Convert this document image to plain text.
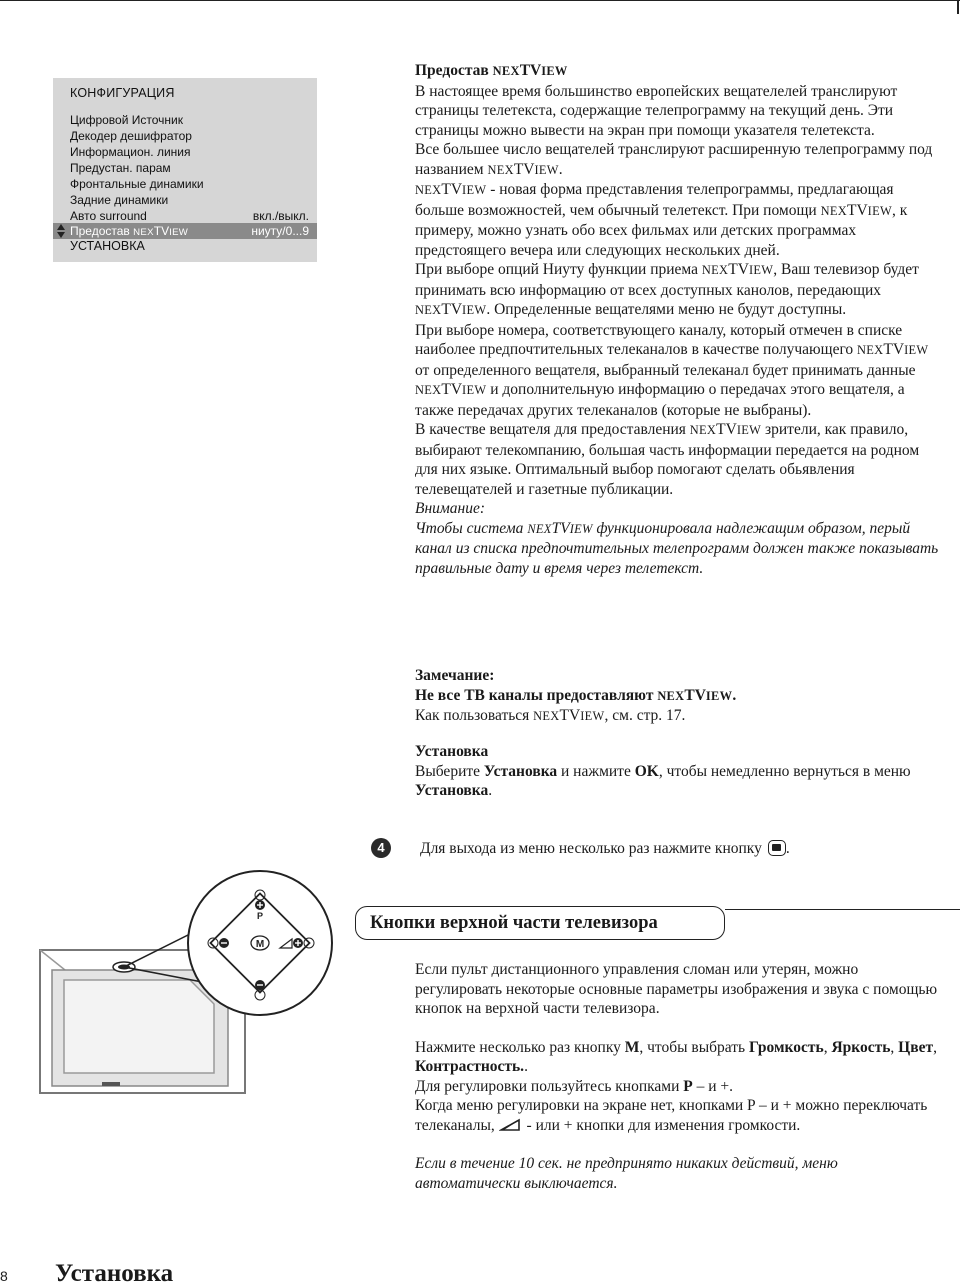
КОНФИГУРАЦИЯ
Цифровой Источник
Декодер дешифратор
Информацион. линия
Предустан. парам
Фронтальные динамики
Задние динамики
Авто surround	вкл./выкл.
Предостав NEXTVIEW	ниуту/0...9
УСТАНОВКА

Предостав NEXTVIEW

В настоящее время большинство европейских вещателелей транслируют страницы телетекста, содержащие телепрограмму на текущий день. Эти страницы можно вывести на экран при помощи указателя телетекста.

Все большее число вещателей транслируют расширенную телепрограмму под названием NEXTVIEW.

NEXTVIEW - новая форма представления телепрограммы, предлагающая больше возможностей, чем обычный телетекст. При помощи NEXTVIEW, к примеру, можно узнать обо всех фильмах или детских программах предстоящего вечера или следующих нескольких дней.

При выборе опций Ниуту функции приема NEXTVIEW, Ваш телевизор будет принимать всю информацию от всех доступных канолов, передающих NEXTVIEW. Определенные вещателями меню не будут доступны.

При выборе номера, соответствующего каналу, который отмечен в списке наиболее предпочтительных телеканалов в качестве получающего NEXTVIEW от определенного вещателя, выбранный телеканал будет принимать данные NEXTVIEW и дополнительную информацию о передачах этого вещателя, а также передачах других телеканалов (которые не выбраны).

В качестве вещателя для предоставления NEXTVIEW зрители, как правило, выбирают телекомпанию, большая часть информации передается на родном для них языке. Оптимальный выбор помогают сделать обьявления телевещателей и газетные публикации.

Внимание:

Чтобы система NEXTVIEW функционировала надлежащим образом, перый канал из списка предпочтительных телепрограмм должен также показывать правильные дату и время через телетекст.

Замечание:

Не все ТВ каналы предоставляют NEXTVIEW.

Как пользоваться NEXTVIEW, см. стр. 17.

Установка

Выберите Установка и нажмите OK, чтобы немедленно вернуться в меню Установка.

4	Для выхода из меню несколько раз нажмите кнопку .
Кнопки верхной части телевизора

Если пульт дистанционного управления сломан или утерян, можно регулировать некоторые основные параметры изображения и звука с помощью кнопок на верхной части телевизора.

Нажмите несколько раз кнопку M, чтобы выбрать Громкость, Яркость, Цвет, Контрастность..

Для регулировки пользуйтесь кнопками P – и +.

Когда меню регулировки на экране нет, кнопками P – и + можно переключать телеканалы,  - или + кнопки для изменения громкости.

Если в течение 10 сек. не предпринято никаких действий, меню автоматически выключается.

P
M
8 Установка
